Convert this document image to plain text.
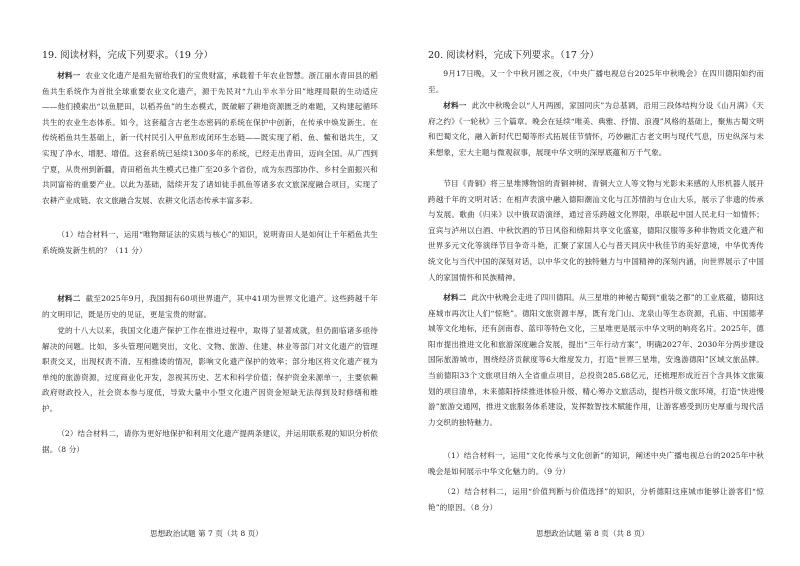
19. 阅读材料，完成下列要求。（19 分）
材料一 农业文化遗产是祖先留给我们的宝贵财富，承载着千年农业智慧。浙江丽水青田县的稻鱼共生系统作为首批全球重要农业文化遗产，源于先民对“九山半水半分田”地理局限的生动适应——他们摸索出“以鱼肥田，以稻养鱼”的生态模式，既破解了耕地资源匮乏的难题，又构建起循环共生的农业生态体系。如今，这套蕴含古老生态密码的系统在保护中创新，在传承中焕发新生。在传统稻鱼共生基础上，新一代村民引入甲鱼形成闭环生态链——既实现了稻、鱼、鳖和谐共生，又实现了净水、增肥、增值。这套系统已延续1300多年的系统，已经走出青田，迈向全国。从广西到宁夏，从贵州到新疆，青田稻鱼共生模式已推广至20多个省份，成为东西部协作、乡村全面振兴和共同富裕的重要产业。以此为基础，陆续开发了诸如徒手抓鱼等诸多农文旅深度融合项目，实现了农耕产业成链、农文旅融合发展、农耕文化活态传承丰富多彩。
（1）结合材料一，运用“唯物辩证法的实质与核心”的知识，说明青田人是如何让千年稻鱼共生系统焕发新生机的？（11 分）
材料二 截至2025年9月，我国拥有60项世界遗产，其中41项为世界文化遗产。这些跨越千年的文明印记，既是历史的见证，更是宝贵的财富。
党的十八大以来，我国文化遗产保护工作在推进过程中，取得了显著成就，但仍面临诸多亟待解决的问题。比如，多头管理问题突出，文化、文物、旅游、住建、林业等部门对文化遗产的管理职责交叉，出现权责不清、互相推诿的情况，影响文化遗产保护的效率；部分地区将文化遗产视为单纯的旅游资源，过度商业化开发，忽视其历史、艺术和科学价值；保护资金来源单一，主要依赖政府财政投入，社会资本参与度低，导致大量中小型文化遗产因资金短缺无法得到及时修缮和维护。
（2）结合材料二，请你为更好地保护和利用文化遗产提两条建议，并运用联系观的知识分析依据。（8 分）
思想政治试题 第 7 页（共 8 页）
20. 阅读材料，完成下列要求。（17 分）
9月17日晚，又一个中秋月圆之夜，《中央广播电视总台2025年中秋晚会》在四川德阳如约而至。
材料一 此次中秋晚会以“人月两圆，家国同庆”为总基调，沿用三段体结构分设《山月满》《天府之约》《一轮秋》三个篇章。晚会在延续“唯美、典雅、抒情、浪漫”风格的基础上，聚焦古蜀文明和巴蜀文化，融入新时代巴蜀等形式拓展佳节情怀，巧妙融汇古老文明与现代气息，历史纵深与未来想象，宏大主题与微观叙事，展现中华文明的深厚底蕴和万千气象。
节目《青铜》将三星堆博物馆的青铜神树、青铜大立人等文物与光影未来感的人形机器人展开跨越千年的文明对话；在相声表演中融入德阳潮汕文化与江苏情韵与仓山大乐，展示了非遗的传承与发展。歌曲《归来》以中俄双语演绎，通过音乐跨越文化界限，串联起中国人民北归一如情怀；宜宾与泸州以白酒、中秋饮酒的节日风俗和绵阳共享文化盛宴，德阳汉服等多种非物质文化遗产和世界多元文化等演绎节目争奇斗艳，汇聚了家国人心与普天同庆中秋佳节的美好意境，中华优秀传统文化与当代中国的深刻对话，以中华文化的独特魅力与中国精神的深刻内涵，向世界展示了中国人的家国情怀和民族精神。
材料二 此次中秋晚会走进了四川德阳。从三星堆的神秘古蜀到“重装之都”的工业底蕴，德阳这座城市再次让人们“惊艳”。德阳文旅资源丰厚，既有龙门山、龙泉山等生态资源，孔庙、中国德孝城等文化地标，还有剑南春、蓝印等特色文化，三星堆更是展示中华文明的响亮名片。2025年，德阳市提出推进文化和旅游深度融合发展，提出“三年行动方案”，明确2027年、2030年分两步建设国际旅游城市，围绕经济贡献度等6大维度发力，打造“世界三星堆，安逸游德阳”区域文旅品牌。当前德阳33个文旅项目纳入全省重点项目，总投资285.68亿元，还梳理形成近百个含具体文旅策划的项目清单，未来德阳持续推进体验升级、精心筹办文旅活动，提档升级文旅环境，打造“快进慢游”旅游交通网，推进文旅服务体系建设，发挥数智技术赋能作用，让游客感受到历史厚重与现代活力交织的独特魅力。
（1）结合材料一，运用“文化传承与文化创新”的知识，阐述中央广播电视总台的2025年中秋晚会是如何展示中华文化魅力的。（9 分）
（2）结合材料二，运用“价值判断与价值选择”的知识，分析德阳这座城市能够让游客们“惊艳”的原因。（8 分）
思想政治试题 第 8 页（共 8 页）
